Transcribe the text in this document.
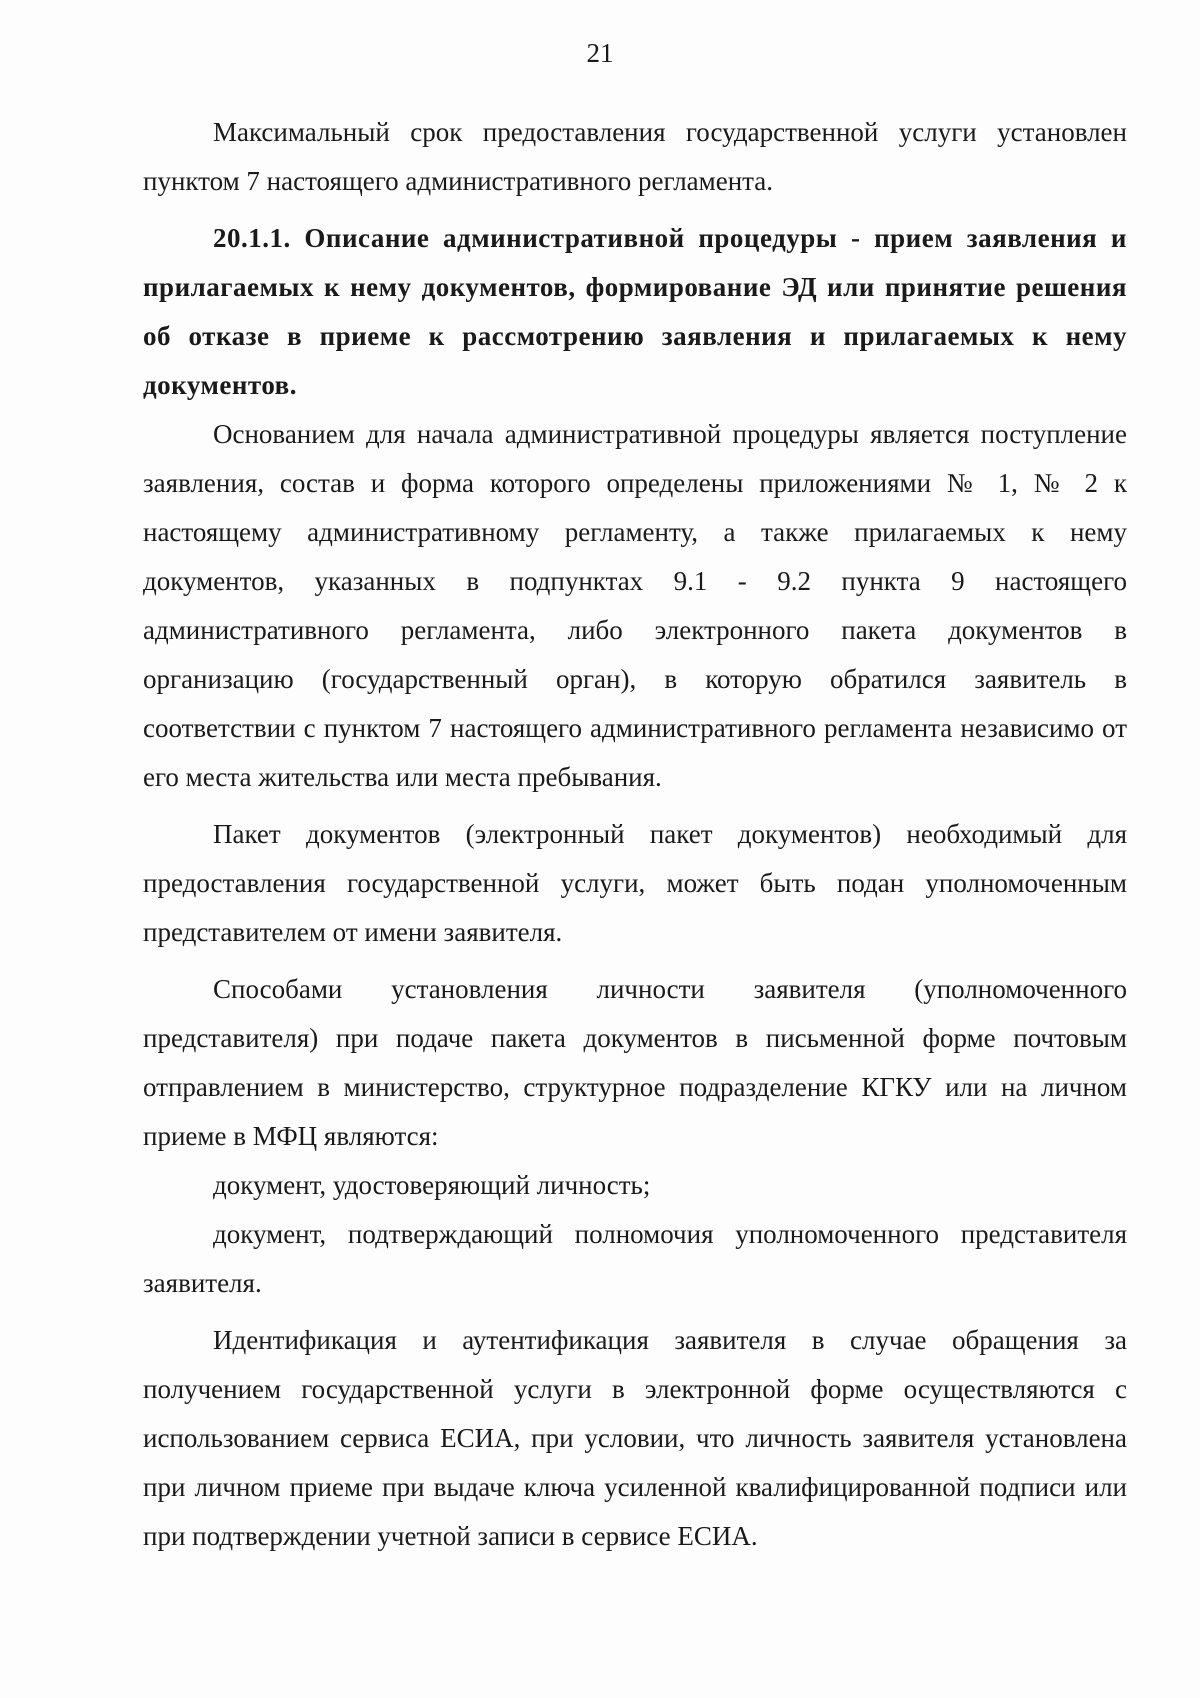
21

Максимальный срок предоставления государственной услуги установлен пунктом 7 настоящего административного регламента.

20.1.1. Описание административной процедуры - прием заявления и прилагаемых к нему документов, формирование ЭД или принятие решения об отказе в приеме к рассмотрению заявления и прилагаемых к нему документов.

Основанием для начала административной процедуры является поступление заявления, состав и форма которого определены приложениями № 1, № 2 к настоящему административному регламенту, а также прилагаемых к нему документов, указанных в подпунктах 9.1 - 9.2 пункта 9 настоящего административного регламента, либо электронного пакета документов в организацию (государственный орган), в которую обратился заявитель в соответствии с пунктом 7 настоящего административного регламента независимо от его места жительства или места пребывания.

Пакет документов (электронный пакет документов) необходимый для предоставления государственной услуги, может быть подан уполномоченным представителем от имени заявителя.

Способами установления личности заявителя (уполномоченного представителя) при подаче пакета документов в письменной форме почтовым отправлением в министерство, структурное подразделение КГКУ или на личном приеме в МФЦ являются:

документ, удостоверяющий личность;

документ, подтверждающий полномочия уполномоченного представителя заявителя.

Идентификация и аутентификация заявителя в случае обращения за получением государственной услуги в электронной форме осуществляются с использованием сервиса ЕСИА, при условии, что личность заявителя установлена при личном приеме при выдаче ключа усиленной квалифицированной подписи или при подтверждении учетной записи в сервисе ЕСИА.
